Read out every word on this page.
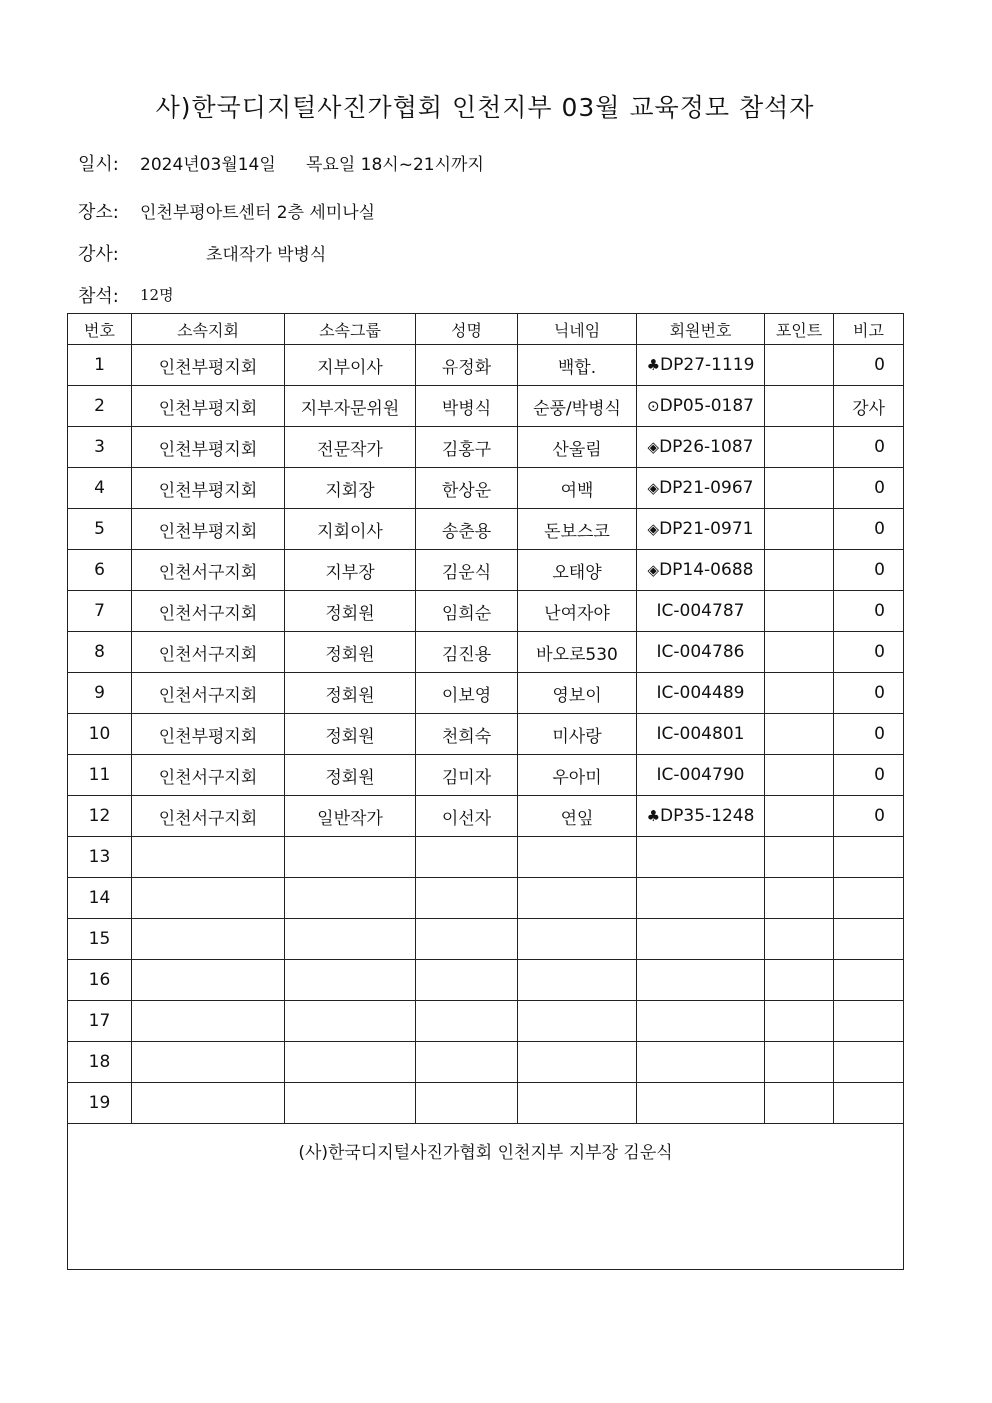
사)한국디지털사진가협회 인천지부 03월 교육정모 참석자
일시: 2024년03월14일 목요일 18시~21시까지
장소: 인천부평아트센터 2층 세미나실
강사:	초대작가 박병식
참석: 12명
번호	소속지회	소속그룹	성명	닉네임	회원번호	포인트	비고
1	인천부평지회	지부이사	유정화	백합.	♣DP27-1119		0
2	인천부평지회	지부자문위원	박병식	순풍/박병식	⊙DP05-0187		강사
3	인천부평지회	전문작가	김홍구	산울림	◈DP26-1087		0
4	인천부평지회	지회장	한상운	여백	◈DP21-0967		0
5	인천부평지회	지회이사	송춘용	돈보스코	◈DP21-0971		0
6	인천서구지회	지부장	김운식	오태양	◈DP14-0688		0
7	인천서구지회	정회원	임희순	난여자야	IC-004787		0
8	인천서구지회	정회원	김진용	바오로530	IC-004786		0
9	인천서구지회	정회원	이보영	영보이	IC-004489		0
10	인천부평지회	정회원	천희숙	미사랑	IC-004801		0
11	인천서구지회	정회원	김미자	우아미	IC-004790		0
12	인천서구지회	일반작가	이선자	연잎	♣DP35-1248		0
13							
14							
15							
16							
17							
18							
19							
(사)한국디지털사진가협회 인천지부 지부장 김운식							
